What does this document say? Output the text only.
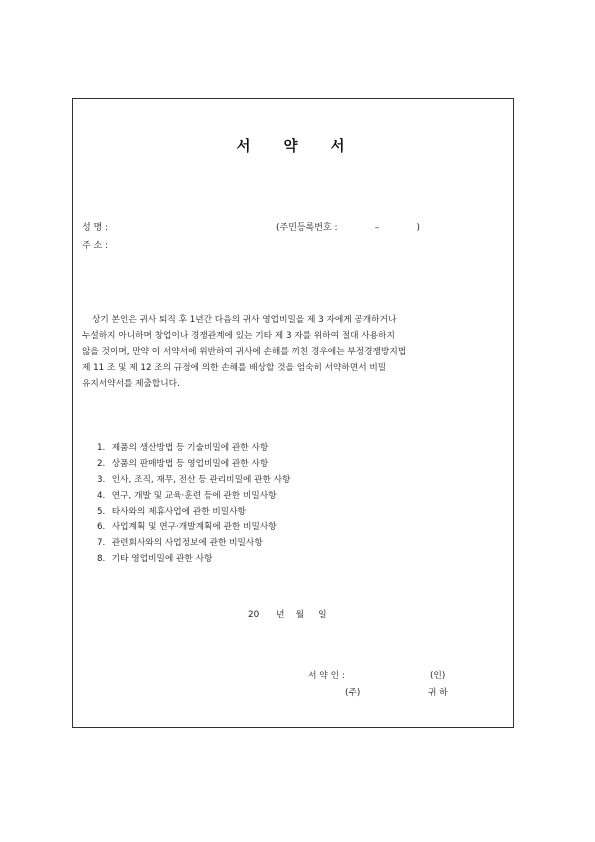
서 약 서
성 명 :	(주민등록번호 :             –             )
주 소 :
상기 본인은 귀사 퇴직 후 1년간 다음의 귀사 영업비밀을 제 3 자에게 공개하거나
누설하지 아니하며 창업이나 경쟁관계에 있는 기타 제 3 자를 위하여 절대 사용하지
않을 것이며, 만약 이 서약서에 위반하여 귀사에 손해를 끼친 경우에는 부정경쟁방지법
제 11 조 및 제 12 조의 규정에 의한 손해를 배상할 것을 엄숙히 서약하면서 비밀
유지서약서를 제출합니다.
1. 제품의 생산방법 등 기술비밀에 관한 사항
2. 상품의 판매방법 등 영업비밀에 관한 사항
3. 인사, 조직, 재무, 전산 등 관리비밀에 관한 사항
4. 연구, 개발 및 교육·훈련 등에 관한 비밀사항
5. 타사와의 제휴사업에 관한 비밀사항
6. 사업계획 및 연구·개발계획에 관한 비밀사항
7. 관련회사와의 사업정보에 관한 비밀사항
8. 기타 영업비밀에 관한 사항
20      년    월     일
서 약 인 :	(인)
(주)	귀 하
